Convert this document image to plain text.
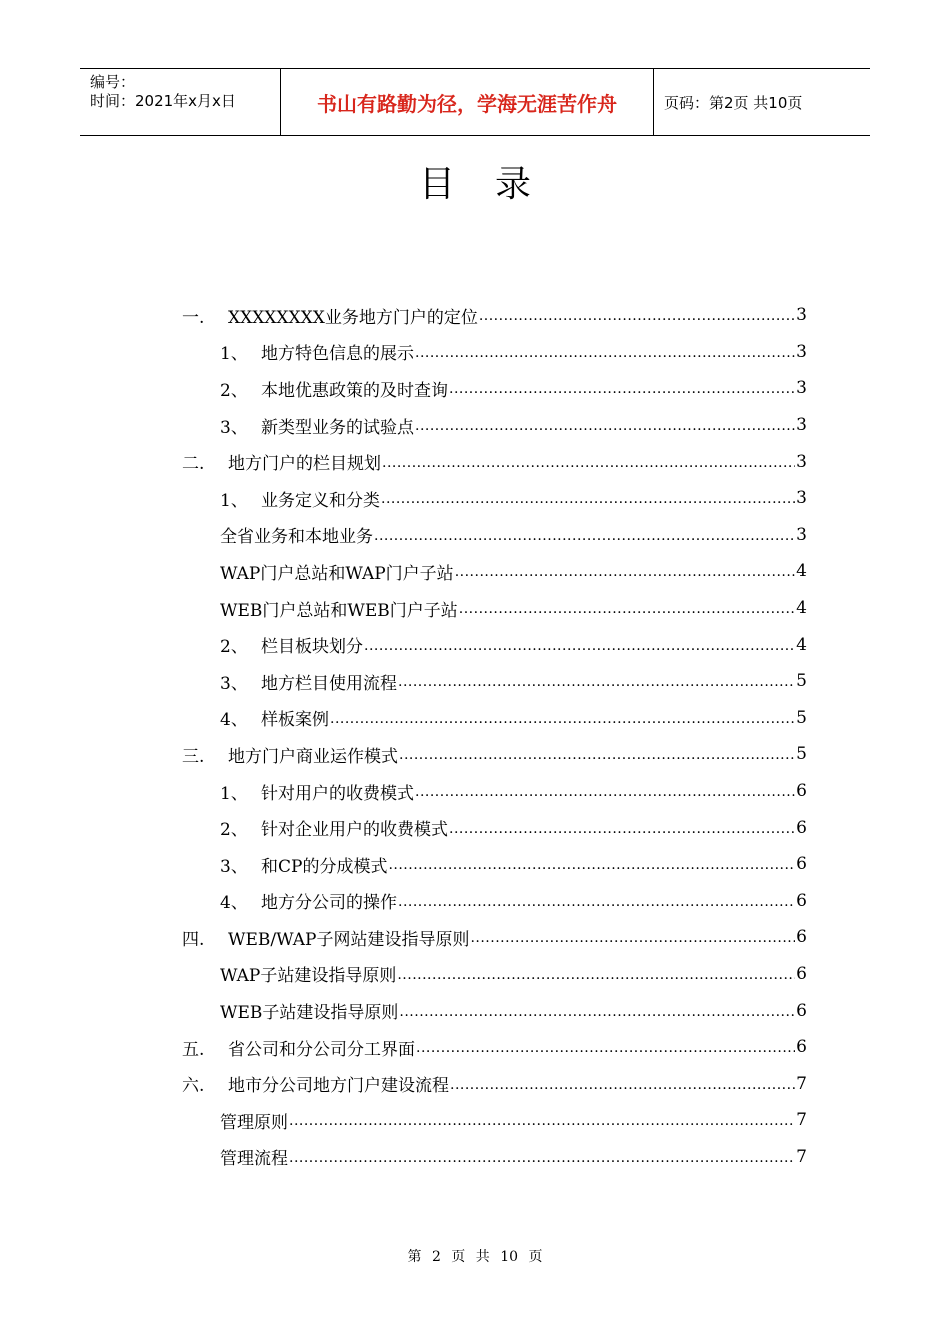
编号：
时间：2021年x月x日	书山有路勤为径，学海无涯苦作舟	页码：第2页 共10页
目录
一.	XXXXXXXX业务地方门户的定位 .....	3
1、 地方特色信息的展示 .....	3
2、 本地优惠政策的及时查询 .....	3
3、 新类型业务的试验点 .....	3
二.	地方门户的栏目规划 .....	3
1、 业务定义和分类 .....	3
全省业务和本地业务 .....	3
WAP门户总站和WAP门户子站 .....	4
WEB门户总站和WEB门户子站 .....	4
2、 栏目板块划分 .....	4
3、 地方栏目使用流程 .....	5
4、 样板案例 .....	5
三.	地方门户商业运作模式 .....	5
1、 针对用户的收费模式 .....	6
2、 针对企业用户的收费模式 .....	6
3、 和CP的分成模式 .....	6
4、 地方分公司的操作 .....	6
四.	WEB/WAP子网站建设指导原则 .....	6
WAP子站建设指导原则 .....	6
WEB子站建设指导原则 .....	6
五.	省公司和分公司分工界面 .....	6
六.	地市分公司地方门户建设流程 .....	7
管理原则 .....	7
管理流程 .....	7
第 2 页 共 10 页
